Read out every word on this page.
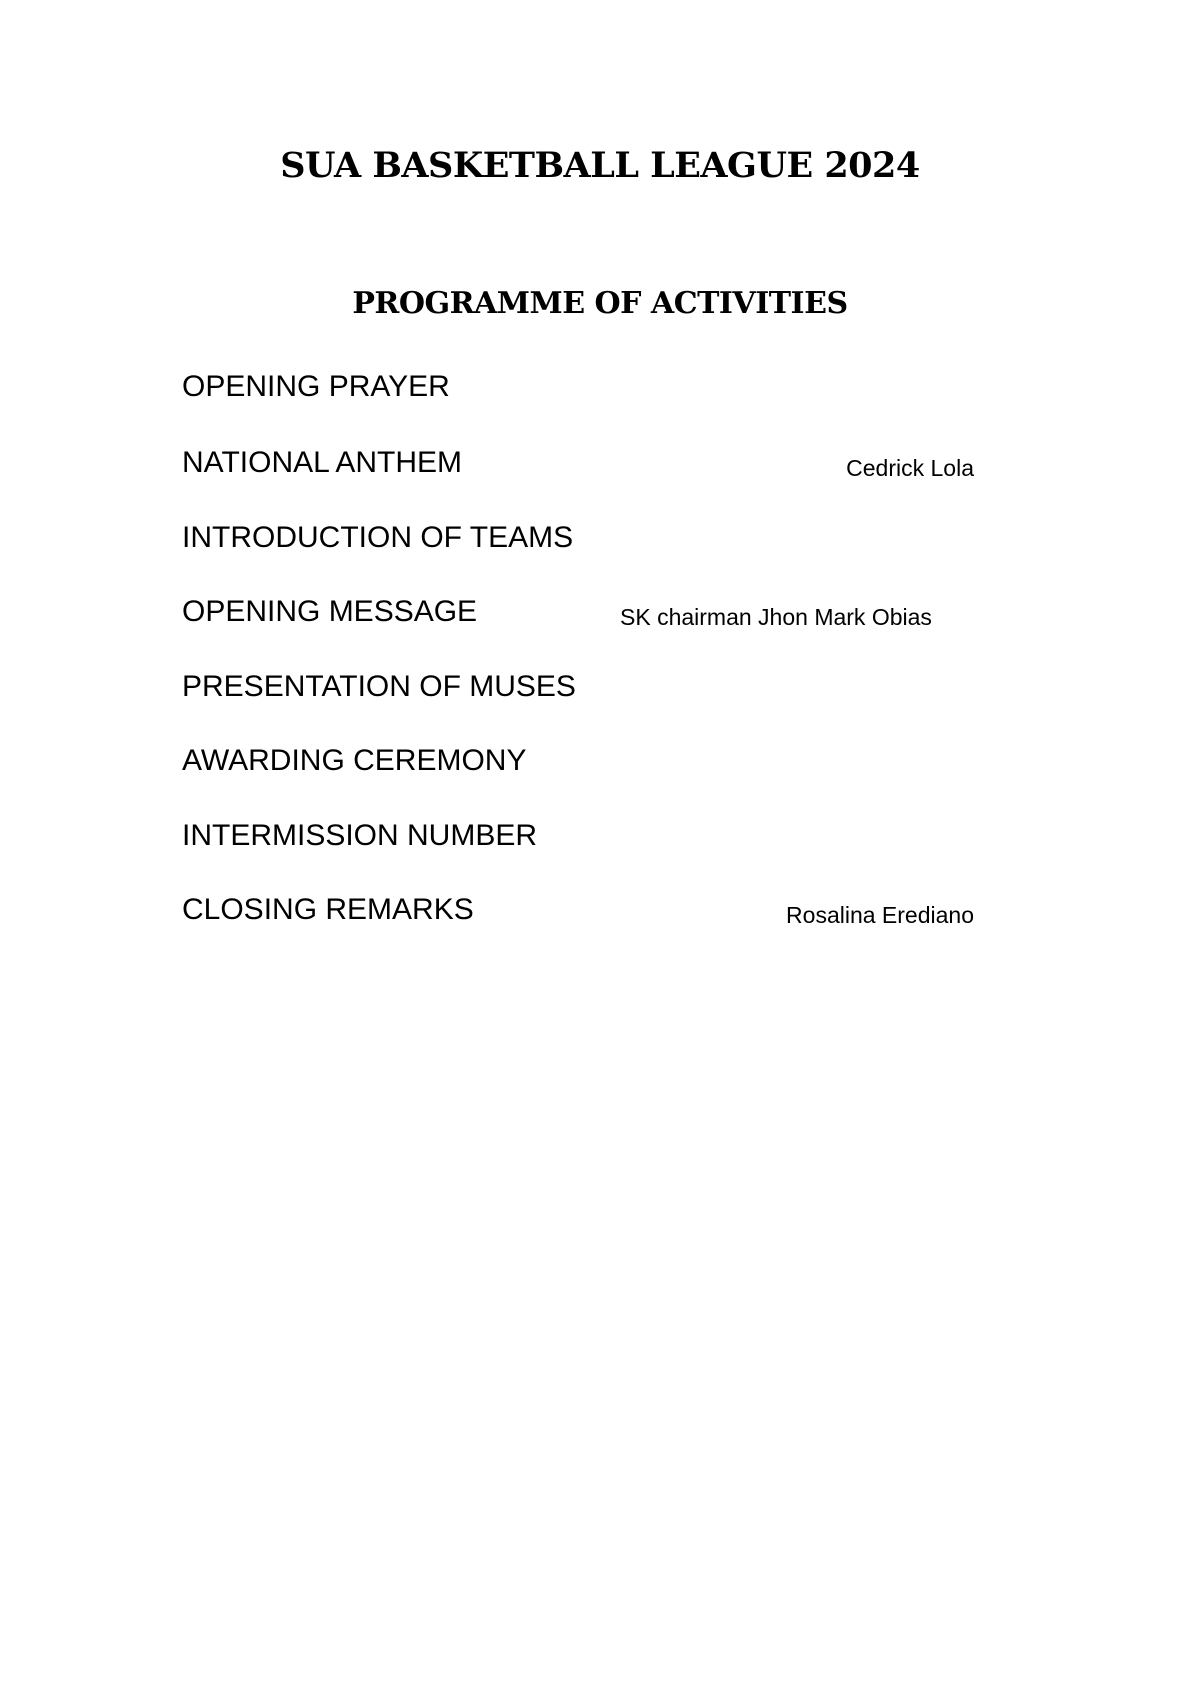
SUA BASKETBALL LEAGUE 2024
PROGRAMME OF ACTIVITIES
OPENING PRAYER
NATIONAL ANTHEM	Cedrick Lola
INTRODUCTION OF TEAMS
OPENING MESSAGE	SK chairman Jhon Mark Obias
PRESENTATION OF MUSES
AWARDING CEREMONY
INTERMISSION NUMBER
CLOSING REMARKS	Rosalina Erediano
